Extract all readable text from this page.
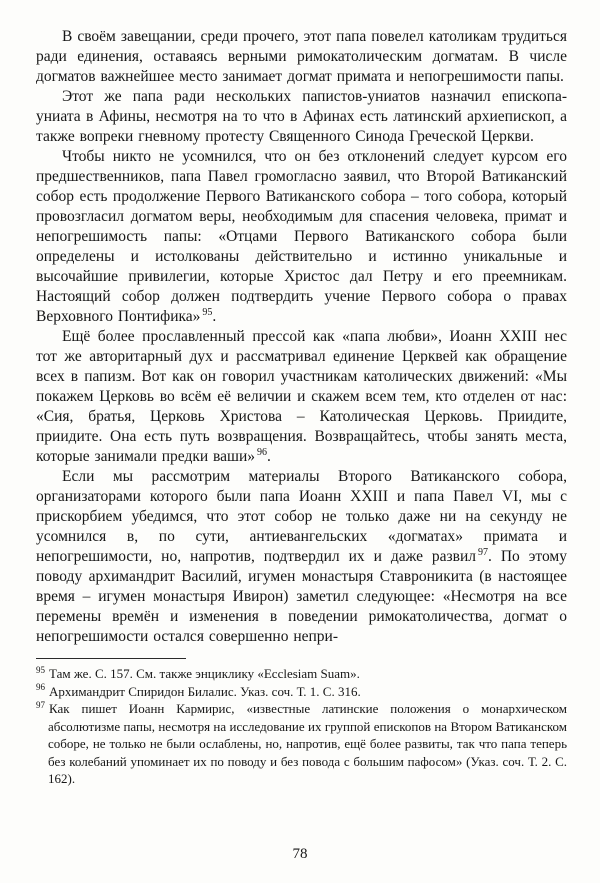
В своём завещании, среди прочего, этот папа повелел католикам трудиться ради единения, оставаясь верными римокатолическим догматам. В числе догматов важнейшее место занимает догмат примата и непогрешимости папы.

Этот же папа ради нескольких папистов-униатов назначил епископа-униата в Афины, несмотря на то что в Афинах есть латинский архиепископ, а также вопреки гневному протесту Священного Синода Греческой Церкви.

Чтобы никто не усомнился, что он без отклонений следует курсом его предшественников, папа Павел громогласно заявил, что Второй Ватиканский собор есть продолжение Первого Ватиканского собора – того собора, который провозгласил догматом веры, необходимым для спасения человека, примат и непогрешимость папы: «Отцами Первого Ватиканского собора были определены и истолкованы действительно и истинно уникальные и высочайшие привилегии, которые Христос дал Петру и его преемникам. Настоящий собор должен подтвердить учение Первого собора о правах Верховного Понтифика» $^{95}$.

Ещё более прославленный прессой как «папа любви», Иоанн XXIII нес тот же авторитарный дух и рассматривал единение Церквей как обращение всех в папизм. Вот как он говорил участникам католических движений: «Мы покажем Церковь во всём её величии и скажем всем тем, кто отделен от нас: «Сия, братья, Церковь Христова – Католическая Церковь. Приидите, приидите. Она есть путь возвращения. Возвращайтесь, чтобы занять места, которые занимали предки ваши» $^{96}$.

Если мы рассмотрим материалы Второго Ватиканского собора, организаторами которого были папа Иоанн XXIII и папа Павел VI, мы с прискорбием убедимся, что этот собор не только даже ни на секунду не усомнился в, по сути, антиевангельских «догматах» примата и непогрешимости, но, напротив, подтвердил их и даже развил $^{97}$. По этому поводу архимандрит Василий, игумен монастыря Ставроникита (в настоящее время – игумен монастыря Ивирон) заметил следующее: «Несмотря на все перемены времён и изменения в поведении римокатоличества, догмат о непогрешимости остался совершенно непри-

$^{95}$ Там же. С. 157. См. также энциклику «Ecclesiam Suam».

$^{96}$ Архимандрит Спиридон Билалис. Указ. соч. Т. 1. С. 316.

$^{97}$ Как пишет Иоанн Кармирис, «известные латинские положения о монархическом абсолютизме папы, несмотря на исследование их группой епископов на Втором Ватиканском соборе, не только не были ослаблены, но, напротив, ещё более развиты, так что папа теперь без колебаний упоминает их по поводу и без повода с большим пафосом» (Указ. соч. Т. 2. С. 162).

78
